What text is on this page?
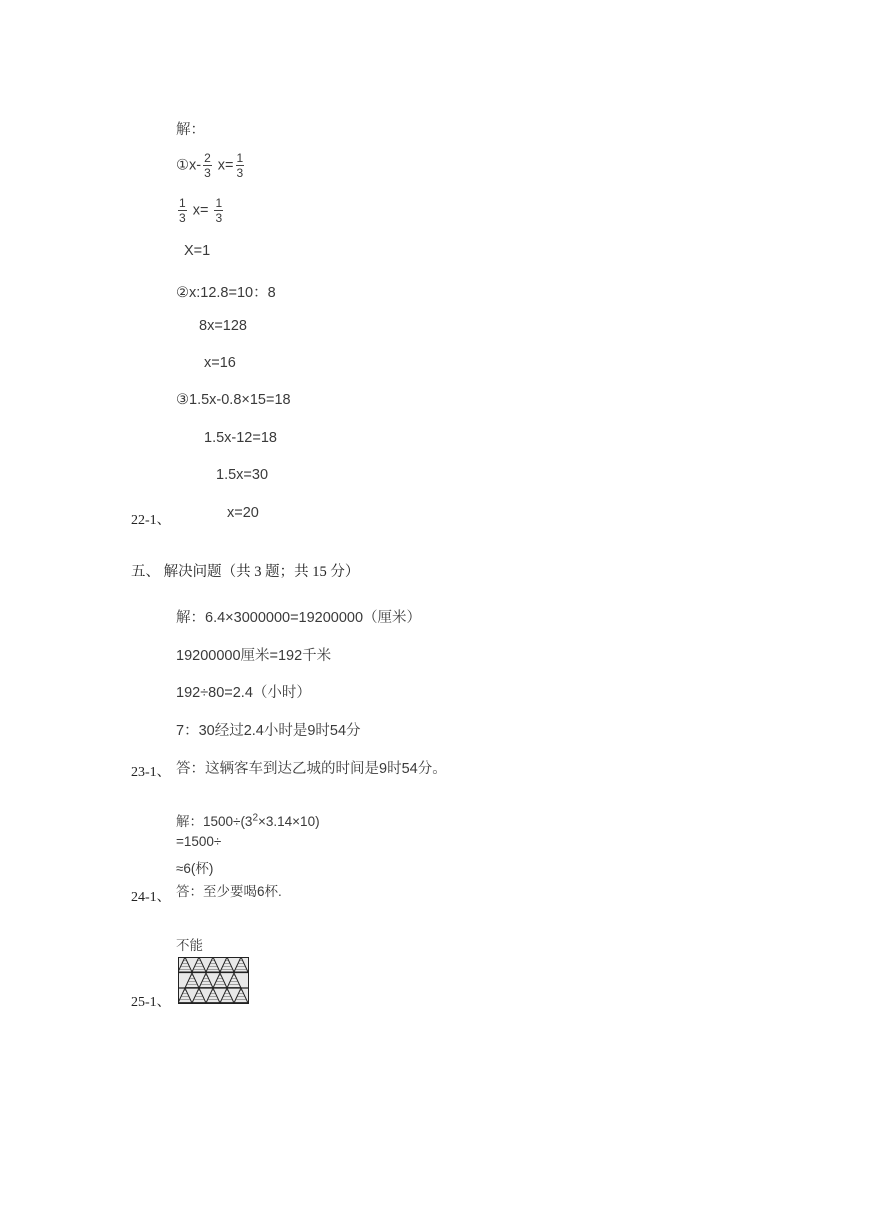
解：
①x- $\frac{2}{3} x= \frac{1}{3}$
$\frac{1}{3} x= \frac{1}{3}$
X=1
②x:12.8=10：8
8x=128
x=16
③1.5x-0.8×15=18
1.5x-12=18
1.5x=30
x=20
22-1、
五、 解决问题（共 3 题；共 15 分）
解：6.4×3000000=19200000（厘米）
19200000厘米=192千米
192÷80=2.4（小时）
7：30经过2.4小时是9时54分
答：这辆客车到达乙城的时间是9时54分。
23-1、
解：$1500\div(3^2\times 3.14\times 10)$
=1500÷
≈6(杯)
答：至少要喝6杯.
24-1、
不能
25-1、
